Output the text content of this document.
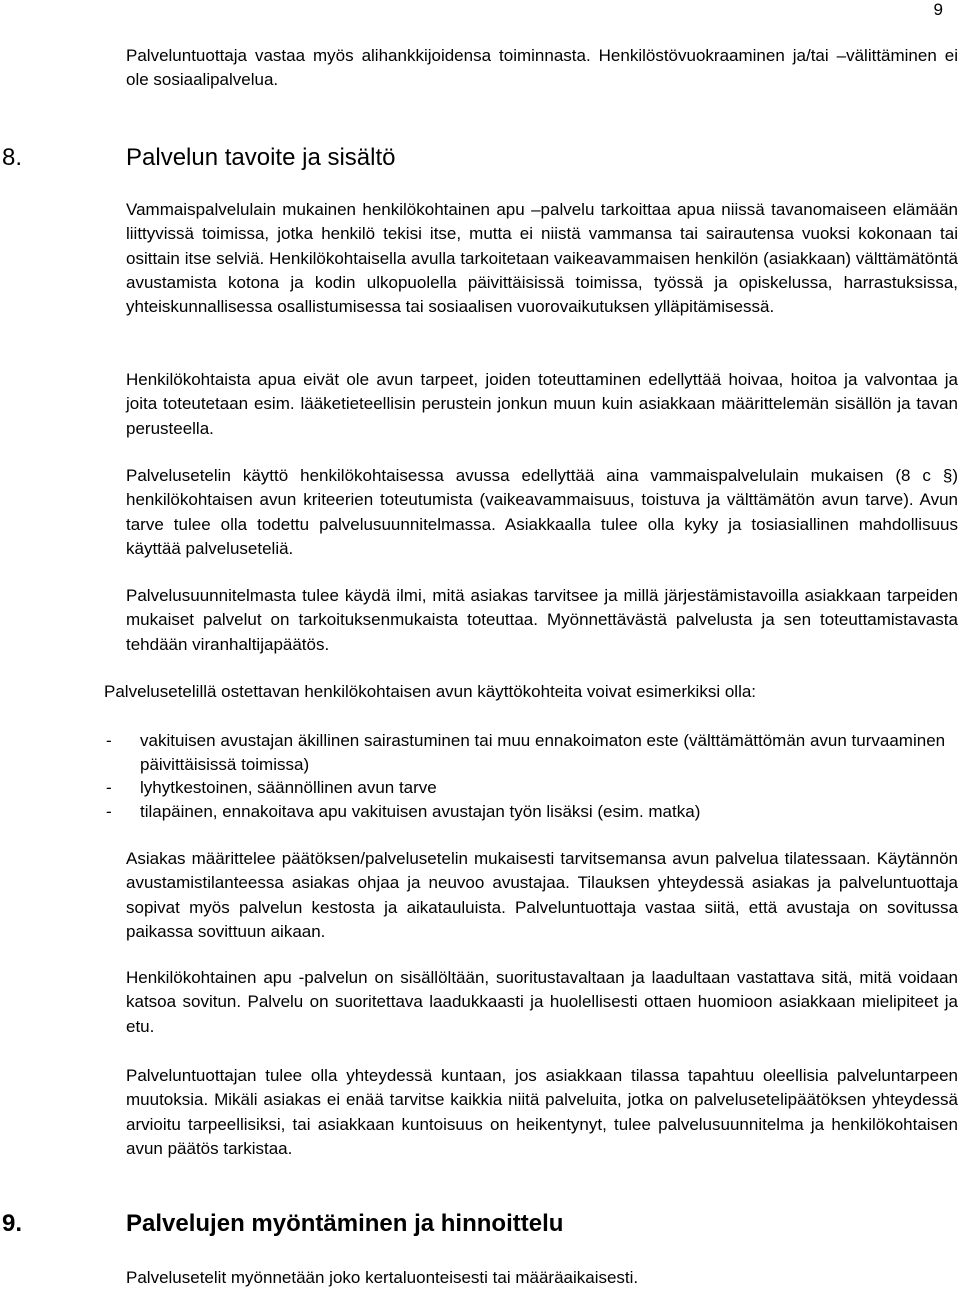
9

Palveluntuottaja vastaa myös alihankkijoidensa toiminnasta. Henkilöstövuokraaminen ja/tai –välittäminen ei ole sosiaalipalvelua.

8.	Palvelun tavoite ja sisältö

Vammaispalvelulain mukainen henkilökohtainen apu –palvelu tarkoittaa apua niissä tavanomaiseen elämään liittyvissä toimissa, jotka henkilö tekisi itse, mutta ei niistä vammansa tai sairautensa vuoksi kokonaan tai osittain itse selviä. Henkilökohtaisella avulla tarkoitetaan vaikeavammaisen henkilön (asiakkaan) välttämätöntä avustamista kotona ja kodin ulkopuolella päivittäisissä toimissa, työssä ja opiskelussa, harrastuksissa, yhteiskunnallisessa osallistumisessa tai sosiaalisen vuorovaikutuksen ylläpitämisessä.

Henkilökohtaista apua eivät ole avun tarpeet, joiden toteuttaminen edellyttää hoivaa, hoitoa ja valvontaa ja joita toteutetaan esim. lääketieteellisin perustein jonkun muun kuin asiakkaan määrittelemän sisällön ja tavan perusteella.

Palvelusetelin käyttö henkilökohtaisessa avussa edellyttää aina vammaispalvelulain mukaisen (8 c §) henkilökohtaisen avun kriteerien toteutumista (vaikeavammaisuus, toistuva ja välttämätön avun tarve). Avun tarve tulee olla todettu palvelusuunnitelmassa. Asiakkaalla tulee olla kyky ja tosiasiallinen mahdollisuus käyttää palveluseteliä.

Palvelusuunnitelmasta tulee käydä ilmi, mitä asiakas tarvitsee ja millä järjestämistavoilla asiakkaan tarpeiden mukaiset palvelut on tarkoituksenmukaista toteuttaa. Myönnettävästä palvelusta ja sen toteuttamistavasta tehdään viranhaltijapäätös.

Palvelusetelillä ostettavan henkilökohtaisen avun käyttökohteita voivat esimerkiksi olla:

- vakituisen avustajan äkillinen sairastuminen tai muu ennakoimaton este (välttämättömän avun turvaaminen päivittäisissä toimissa)
- lyhytkestoinen, säännöllinen avun tarve
- tilapäinen, ennakoitava apu vakituisen avustajan työn lisäksi (esim. matka)

Asiakas määrittelee päätöksen/palvelusetelin mukaisesti tarvitsemansa avun palvelua tilatessaan. Käytännön avustamistilanteessa asiakas ohjaa ja neuvoo avustajaa. Tilauksen yhteydessä asiakas ja palveluntuottaja sopivat myös palvelun kestosta ja aikatauluista. Palveluntuottaja vastaa siitä, että avustaja on sovitussa paikassa sovittuun aikaan.

Henkilökohtainen apu -palvelun on sisällöltään, suoritustavaltaan ja laadultaan vastattava sitä, mitä voidaan katsoa sovitun. Palvelu on suoritettava laadukkaasti ja huolellisesti ottaen huomioon asiakkaan mielipiteet ja etu.

Palveluntuottajan tulee olla yhteydessä kuntaan, jos asiakkaan tilassa tapahtuu oleellisia palveluntarpeen muutoksia. Mikäli asiakas ei enää tarvitse kaikkia niitä palveluita, jotka on palvelusetelipäätöksen yhteydessä arvioitu tarpeellisiksi, tai asiakkaan kuntoisuus on heikentynyt, tulee palvelusuunnitelma ja henkilökohtaisen avun päätös tarkistaa.

9.	Palvelujen myöntäminen ja hinnoittelu

Palvelusetelit myönnetään joko kertaluonteisesti tai määräaikaisesti.
